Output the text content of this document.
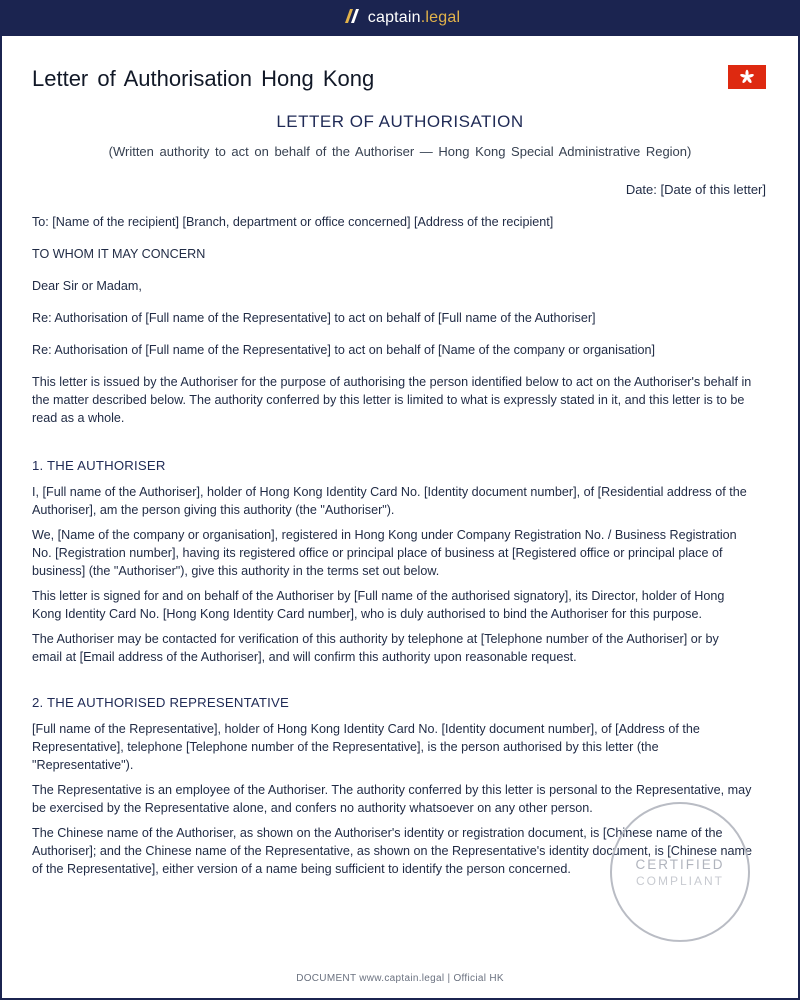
captain.legal
Letter of Authorisation Hong Kong
LETTER OF AUTHORISATION
(Written authority to act on behalf of the Authoriser — Hong Kong Special Administrative Region)
Date: [Date of this letter]

To: [Name of the recipient] [Branch, department or office concerned] [Address of the recipient]

TO WHOM IT MAY CONCERN

Dear Sir or Madam,

Re: Authorisation of [Full name of the Representative] to act on behalf of [Full name of the Authoriser]

Re: Authorisation of [Full name of the Representative] to act on behalf of [Name of the company or organisation]

This letter is issued by the Authoriser for the purpose of authorising the person identified below to act on the Authoriser's behalf in the matter described below. The authority conferred by this letter is limited to what is expressly stated in it, and this letter is to be read as a whole.

1. THE AUTHORISER

I, [Full name of the Authoriser], holder of Hong Kong Identity Card No. [Identity document number], of [Residential address of the Authoriser], am the person giving this authority (the "Authoriser").

We, [Name of the company or organisation], registered in Hong Kong under Company Registration No. / Business Registration No. [Registration number], having its registered office or principal place of business at [Registered office or principal place of business] (the "Authoriser"), give this authority in the terms set out below.

This letter is signed for and on behalf of the Authoriser by [Full name of the authorised signatory], its Director, holder of Hong Kong Identity Card No. [Hong Kong Identity Card number], who is duly authorised to bind the Authoriser for this purpose.

The Authoriser may be contacted for verification of this authority by telephone at [Telephone number of the Authoriser] or by email at [Email address of the Authoriser], and will confirm this authority upon reasonable request.

2. THE AUTHORISED REPRESENTATIVE

[Full name of the Representative], holder of Hong Kong Identity Card No. [Identity document number], of [Address of the Representative], telephone [Telephone number of the Representative], is the person authorised by this letter (the "Representative").

The Representative is an employee of the Authoriser. The authority conferred by this letter is personal to the Representative, may be exercised by the Representative alone, and confers no authority whatsoever on any other person.

The Chinese name of the Authoriser, as shown on the Authoriser's identity or registration document, is [Chinese name of the Authoriser]; and the Chinese name of the Representative, as shown on the Representative's identity document, is [Chinese name of the Representative], either version of a name being sufficient to identify the person concerned.	CERTIFIED
COMPLIANT
DOCUMENT www.captain.legal | Official HK
